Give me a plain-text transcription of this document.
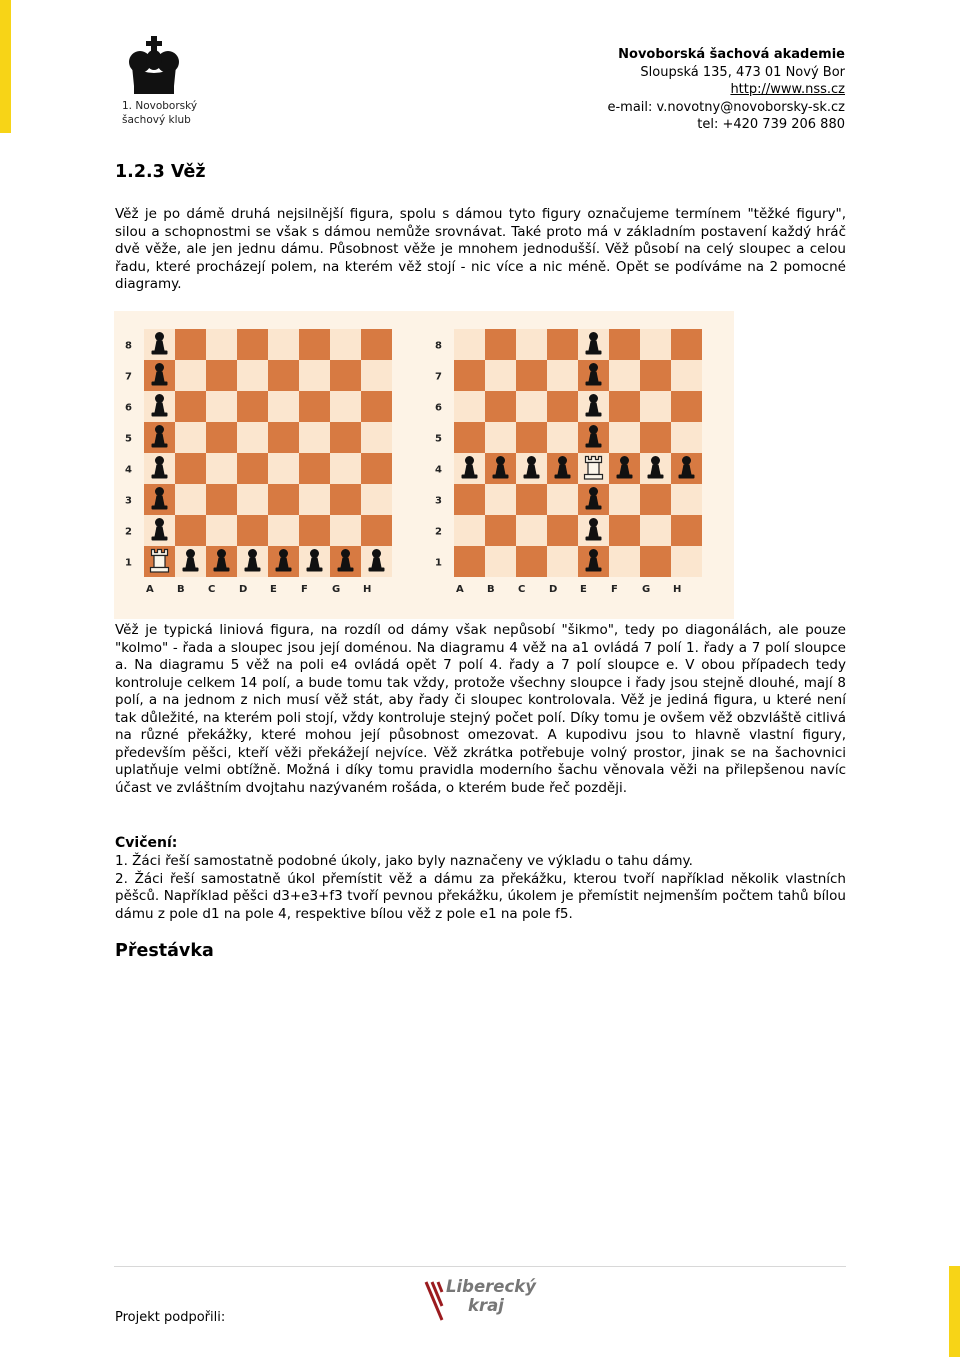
1. Novoborský
šachový klub
Novoborská šachová akademie
Sloupská 135, 473 01 Nový Bor
http://www.nss.cz
e-mail: v.novotny@novoborsky-sk.cz
tel: +420 739 206 880
1.2.3 Věž

Věž je po dámě druhá nejsilnější figura, spolu s dámou tyto figury označujeme termínem "těžké figury", silou a schopnostmi se však s dámou nemůže srovnávat. Také proto má v základním postavení každý hráč dvě věže, ale jen jednu dámu. Působnost věže je mnohem jednodušší. Věž působí na celý sloupec a celou řadu, které procházejí polem, na kterém věž stojí - nic více a nic méně. Opět se podíváme na 2 pomocné diagramy.

8
7
6
5
4
3
2
1
A B C D E F G H
8
7
6
5
4
3
2
1
A B C D E F G H

Věž je typická liniová figura, na rozdíl od dámy však nepůsobí "šikmo", tedy po diagonálách, ale pouze "kolmo" - řada a sloupec jsou její doménou. Na diagramu 4 věž na a1 ovládá 7 polí 1. řady a 7 polí sloupce a. Na diagramu 5 věž na poli e4 ovládá opět 7 polí 4. řady a 7 polí sloupce e. V obou případech tedy kontroluje celkem 14 polí, a bude tomu tak vždy, protože všechny sloupce i řady jsou stejně dlouhé, mají 8 polí, a na jednom z nich musí věž stát, aby řady či sloupec kontrolovala. Věž je jediná figura, u které není tak důležité, na kterém poli stojí, vždy kontroluje stejný počet polí. Díky tomu je ovšem věž obzvláště citlivá na různé překážky, které mohou její působnost omezovat. A kupodivu jsou to hlavně vlastní figury, především pěšci, kteří věži překážejí nejvíce. Věž zkrátka potřebuje volný prostor, jinak se na šachovnici uplatňuje velmi obtížně. Možná i díky tomu pravidla moderního šachu věnovala věži na přilepšenou navíc účast ve zvláštním dvojtahu nazývaném rošáda, o kterém bude řeč později.

Cvičení:

1. Žáci řeší samostatně podobné úkoly, jako byly naznačeny ve výkladu o tahu dámy.

2. Žáci řeší samostatně úkol přemístit věž a dámu za překážku, kterou tvoří například několik vlastních pěšců. Například pěšci d3+e3+f3 tvoří pevnou překážku, úkolem je přemístit nejmenším počtem tahů bílou dámu z pole d1 na pole 4, respektive bílou věž z pole e1 na pole f5.

Přestávka
Projekt podpořili:
Liberecký
kraj
